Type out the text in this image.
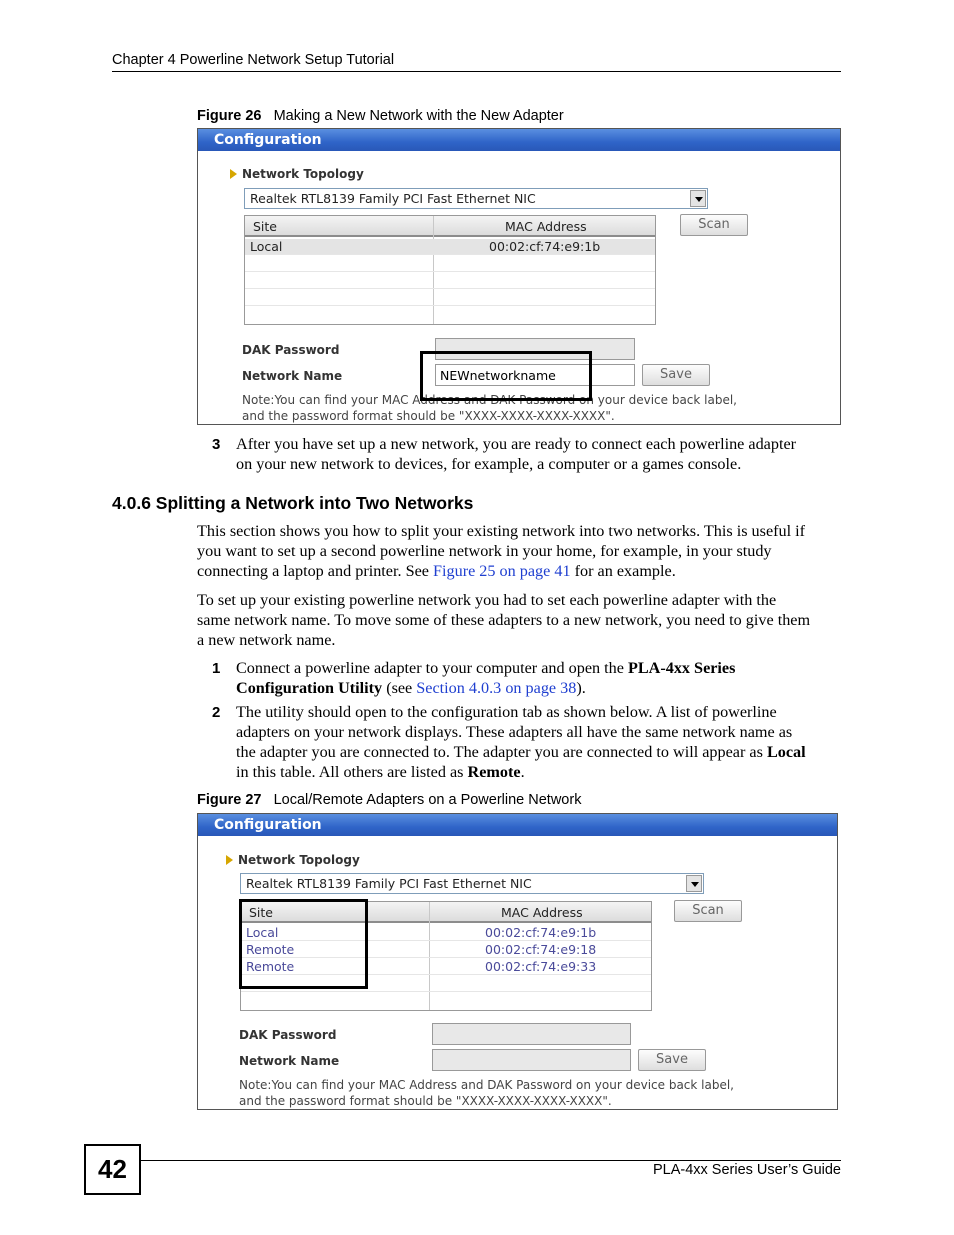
Chapter 4 Powerline Network Setup Tutorial
Figure 26 Making a New Network with the New Adapter
Configuration
Network Topology
Realtek RTL8139 Family PCI Fast Ethernet NIC
Site	MAC Address
Local	00:02:cf:74:e9:1b
Scan
DAK Password
Network Name	NEWnetworkname	Save
Note:You can find your MAC Address and DAK Password on your device back label,
and the password format should be "XXXX-XXXX-XXXX-XXXX".
3 After you have set up a new network, you are ready to connect each powerline adapter
on your new network to devices, for example, a computer or a games console.
4.0.6 Splitting a Network into Two Networks
This section shows you how to split your existing network into two networks. This is useful if
you want to set up a second powerline network in your home, for example, in your study
connecting a laptop and printer. See Figure 25 on page 41 for an example.
To set up your existing powerline network you had to set each powerline adapter with the
same network name. To move some of these adapters to a new network, you need to give them
a new network name.
1 Connect a powerline adapter to your computer and open the PLA-4xx Series
Configuration Utility (see Section 4.0.3 on page 38).
2 The utility should open to the configuration tab as shown below. A list of powerline
adapters on your network displays. These adapters all have the same network name as
the adapter you are connected to. The adapter you are connected to will appear as Local
in this table. All others are listed as Remote.
Figure 27 Local/Remote Adapters on a Powerline Network
Configuration
Network Topology
Realtek RTL8139 Family PCI Fast Ethernet NIC
Site	MAC Address
Local	00:02:cf:74:e9:1b
Remote	00:02:cf:74:e9:18
Remote	00:02:cf:74:e9:33
Scan
DAK Password
Network Name	Save
Note:You can find your MAC Address and DAK Password on your device back label,
and the password format should be "XXXX-XXXX-XXXX-XXXX".
42	PLA-4xx Series User’s Guide
